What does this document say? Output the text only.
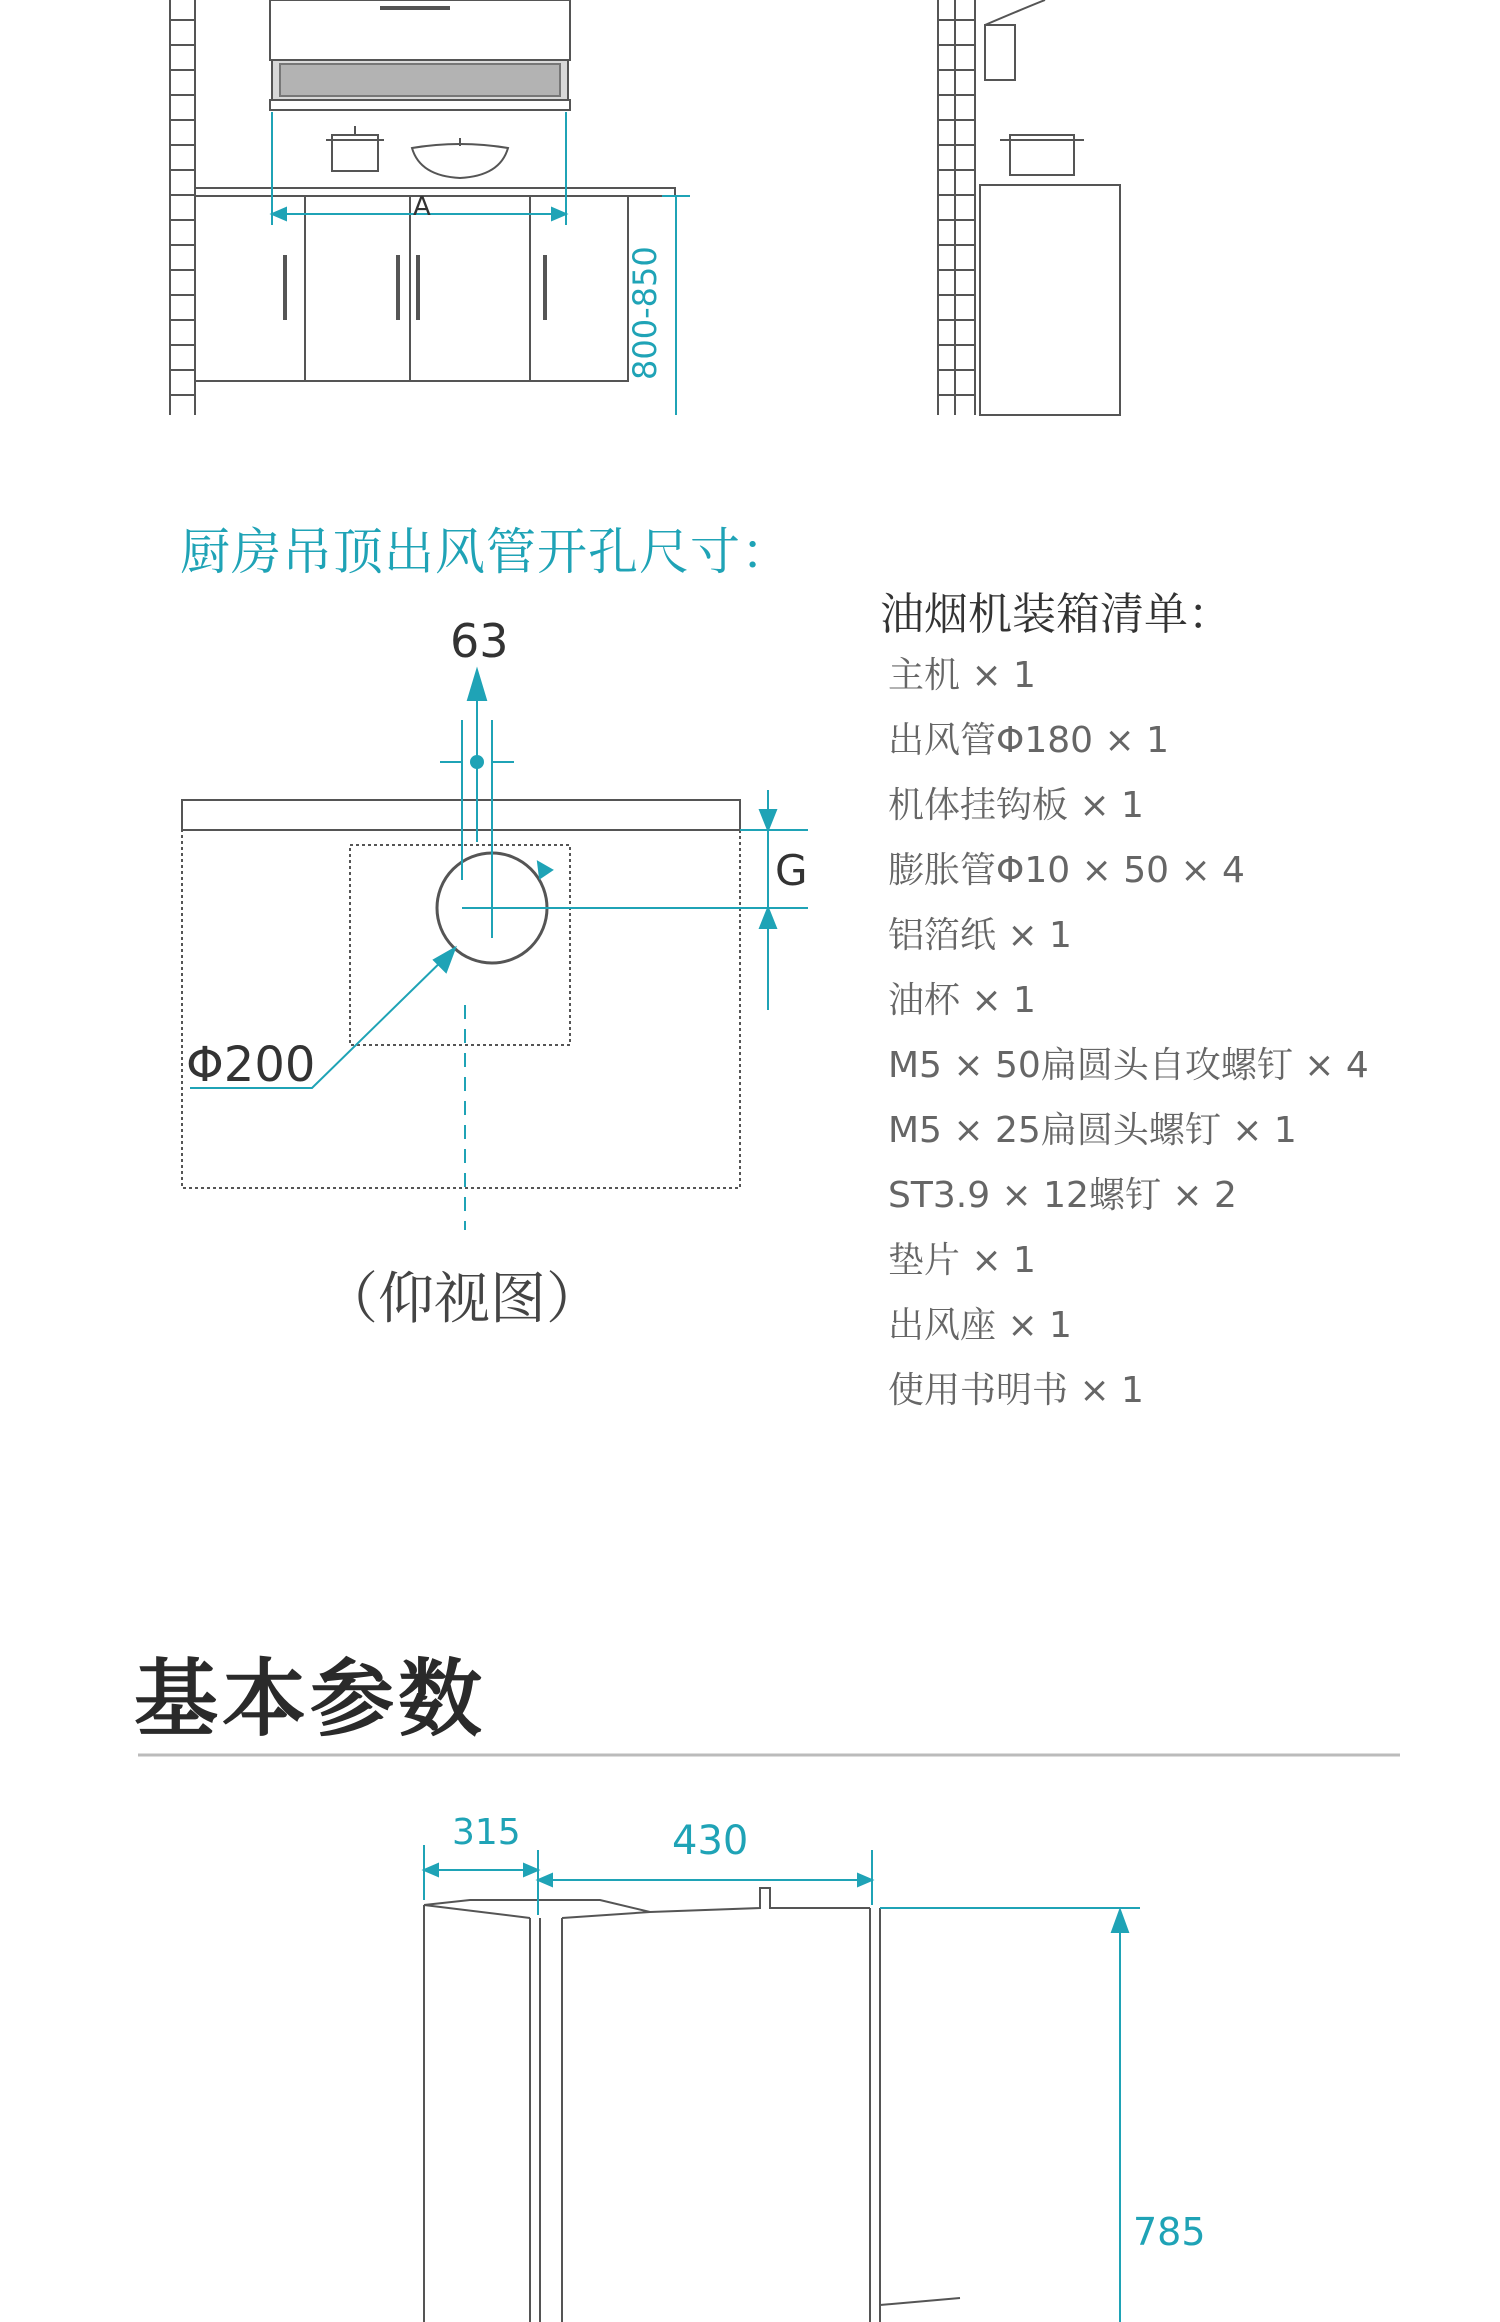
A
800-850
厨房吊顶出风管开孔尺寸：
63
G
Φ200
（仰视图）
油烟机装箱清单：
主机 × 1
出风管Φ180 × 1
机体挂钩板 × 1
膨胀管Φ10 × 50 × 4
铝箔纸 × 1
油杯 × 1
M5 × 50扁圆头自攻螺钉 × 4
M5 × 25扁圆头螺钉 × 1
ST3.9 × 12螺钉 × 2
垫片 × 1
出风座 × 1
使用书明书 × 1
基本参数
315	430
785
